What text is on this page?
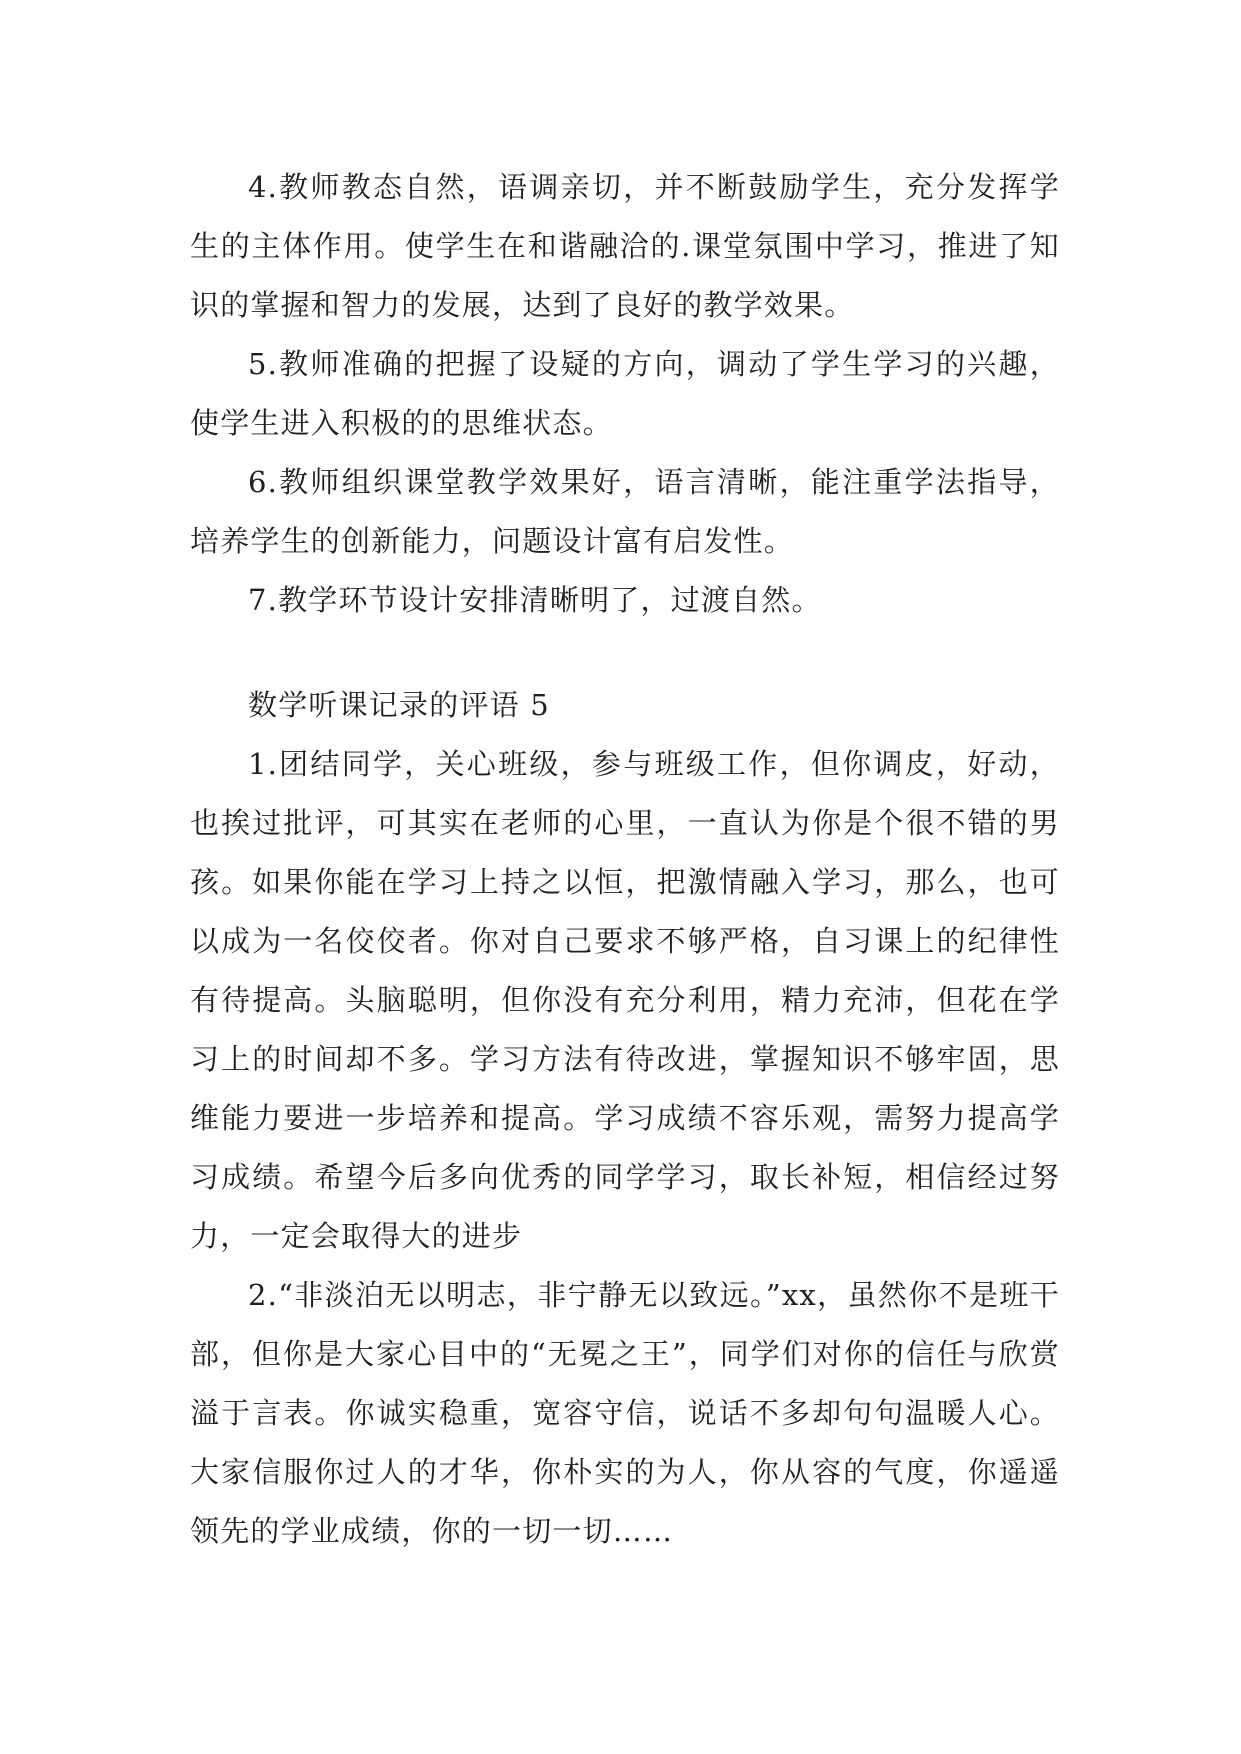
4.教师教态自然，语调亲切，并不断鼓励学生，充分发挥学生的主体作用。使学生在和谐融洽的.课堂氛围中学习，推进了知识的掌握和智力的发展，达到了良好的教学效果。

5.教师准确的把握了设疑的方向，调动了学生学习的兴趣，使学生进入积极的的思维状态。

6.教师组织课堂教学效果好，语言清晰，能注重学法指导，培养学生的创新能力，问题设计富有启发性。

7.教学环节设计安排清晰明了，过渡自然。

数学听课记录的评语 5

1.团结同学，关心班级，参与班级工作，但你调皮，好动，也挨过批评，可其实在老师的心里，一直认为你是个很不错的男孩。如果你能在学习上持之以恒，把激情融入学习，那么，也可以成为一名佼佼者。你对自己要求不够严格，自习课上的纪律性有待提高。头脑聪明，但你没有充分利用，精力充沛，但花在学习上的时间却不多。学习方法有待改进，掌握知识不够牢固，思维能力要进一步培养和提高。学习成绩不容乐观，需努力提高学习成绩。希望今后多向优秀的同学学习，取长补短，相信经过努力，一定会取得大的进步

2.“非淡泊无以明志，非宁静无以致远。”xx，虽然你不是班干部，但你是大家心目中的“无冕之王”，同学们对你的信任与欣赏溢于言表。你诚实稳重，宽容守信，说话不多却句句温暖人心。大家信服你过人的才华，你朴实的为人，你从容的气度，你遥遥领先的学业成绩，你的一切一切……
